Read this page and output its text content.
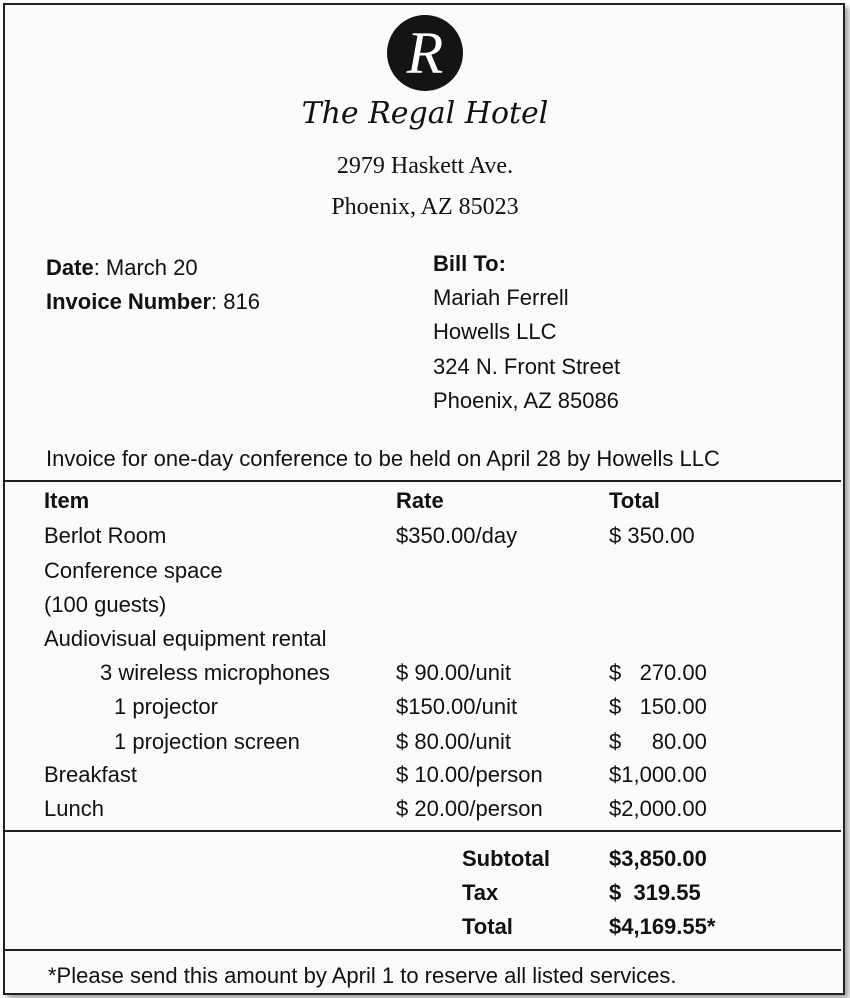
R
The Regal Hotel
2979 Haskett Ave.
Phoenix, AZ 85023
Date: March 20
Invoice Number: 816
Bill To:
Mariah Ferrell
Howells LLC
324 N. Front Street
Phoenix, AZ 85086
Invoice for one-day conference to be held on April 28 by Howells LLC
Item	Rate	Total
Berlot Room	$350.00/day	$ 350.00
Conference space
(100 guests)
Audiovisual equipment rental
3 wireless microphones	$ 90.00/unit	$   270.00
1 projector	$150.00/unit	$   150.00
1 projection screen	$ 80.00/unit	$     80.00
Breakfast	$ 10.00/person	$1,000.00
Lunch	$ 20.00/person	$2,000.00
Subtotal	$3,850.00
Tax	$  319.55
Total	$4,169.55*
*Please send this amount by April 1 to reserve all listed services.
